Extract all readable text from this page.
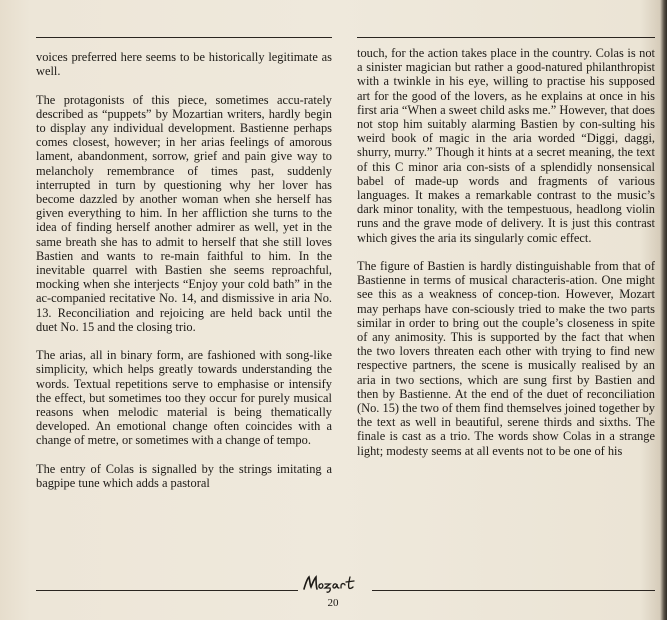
voices preferred here seems to be historically legitimate as well.

The protagonists of this piece, sometimes accu-rately described as “puppets” by Mozartian writers, hardly begin to display any individual development. Bastienne perhaps comes closest, however; in her arias feelings of amorous lament, abandonment, sorrow, grief and pain give way to melancholy remembrance of times past, suddenly interrupted in turn by questioning why her lover has become dazzled by another woman when she herself has given everything to him. In her affliction she turns to the idea of finding herself another admirer as well, yet in the same breath she has to admit to herself that she still loves Bastien and wants to re-main faithful to him. In the inevitable quarrel with Bastien she seems reproachful, mocking when she interjects “Enjoy your cold bath” in the ac-companied recitative No. 14, and dismissive in aria No. 13. Reconciliation and rejoicing are held back until the duet No. 15 and the closing trio.

The arias, all in binary form, are fashioned with song-like simplicity, which helps greatly towards understanding the words. Textual repetitions serve to emphasise or intensify the effect, but sometimes too they occur for purely musical reasons when melodic material is being thematically developed. An emotional change often coincides with a change of metre, or sometimes with a change of tempo.

The entry of Colas is signalled by the strings imitating a bagpipe tune which adds a pastoral

touch, for the action takes place in the country. Colas is not a sinister magician but rather a good-natured philanthropist with a twinkle in his eye, willing to practise his supposed art for the good of the lovers, as he explains at once in his first aria “When a sweet child asks me.” However, that does not stop him suitably alarming Bastien by con-sulting his weird book of magic in the aria worded “Diggi, daggi, shurry, murry.” Though it hints at a secret meaning, the text of this C minor aria con-sists of a splendidly nonsensical babel of made-up words and fragments of various languages. It makes a remarkable contrast to the music’s dark minor tonality, with the tempestuous, headlong violin runs and the grave mode of delivery. It is just this contrast which gives the aria its singularly comic effect.

The figure of Bastien is hardly distinguishable from that of Bastienne in terms of musical characteris-ation. One might see this as a weakness of concep-tion. However, Mozart may perhaps have con-sciously tried to make the two parts similar in order to bring out the couple’s closeness in spite of any animosity. This is supported by the fact that when the two lovers threaten each other with trying to find new respective partners, the scene is musically realised by an aria in two sections, which are sung first by Bastien and then by Bastienne. At the end of the duet of reconciliation (No. 15) the two of them find themselves joined together by the text as well in beautiful, serene thirds and sixths. The finale is cast as a trio. The words show Colas in a strange light; modesty seems at all events not to be one of his

20
